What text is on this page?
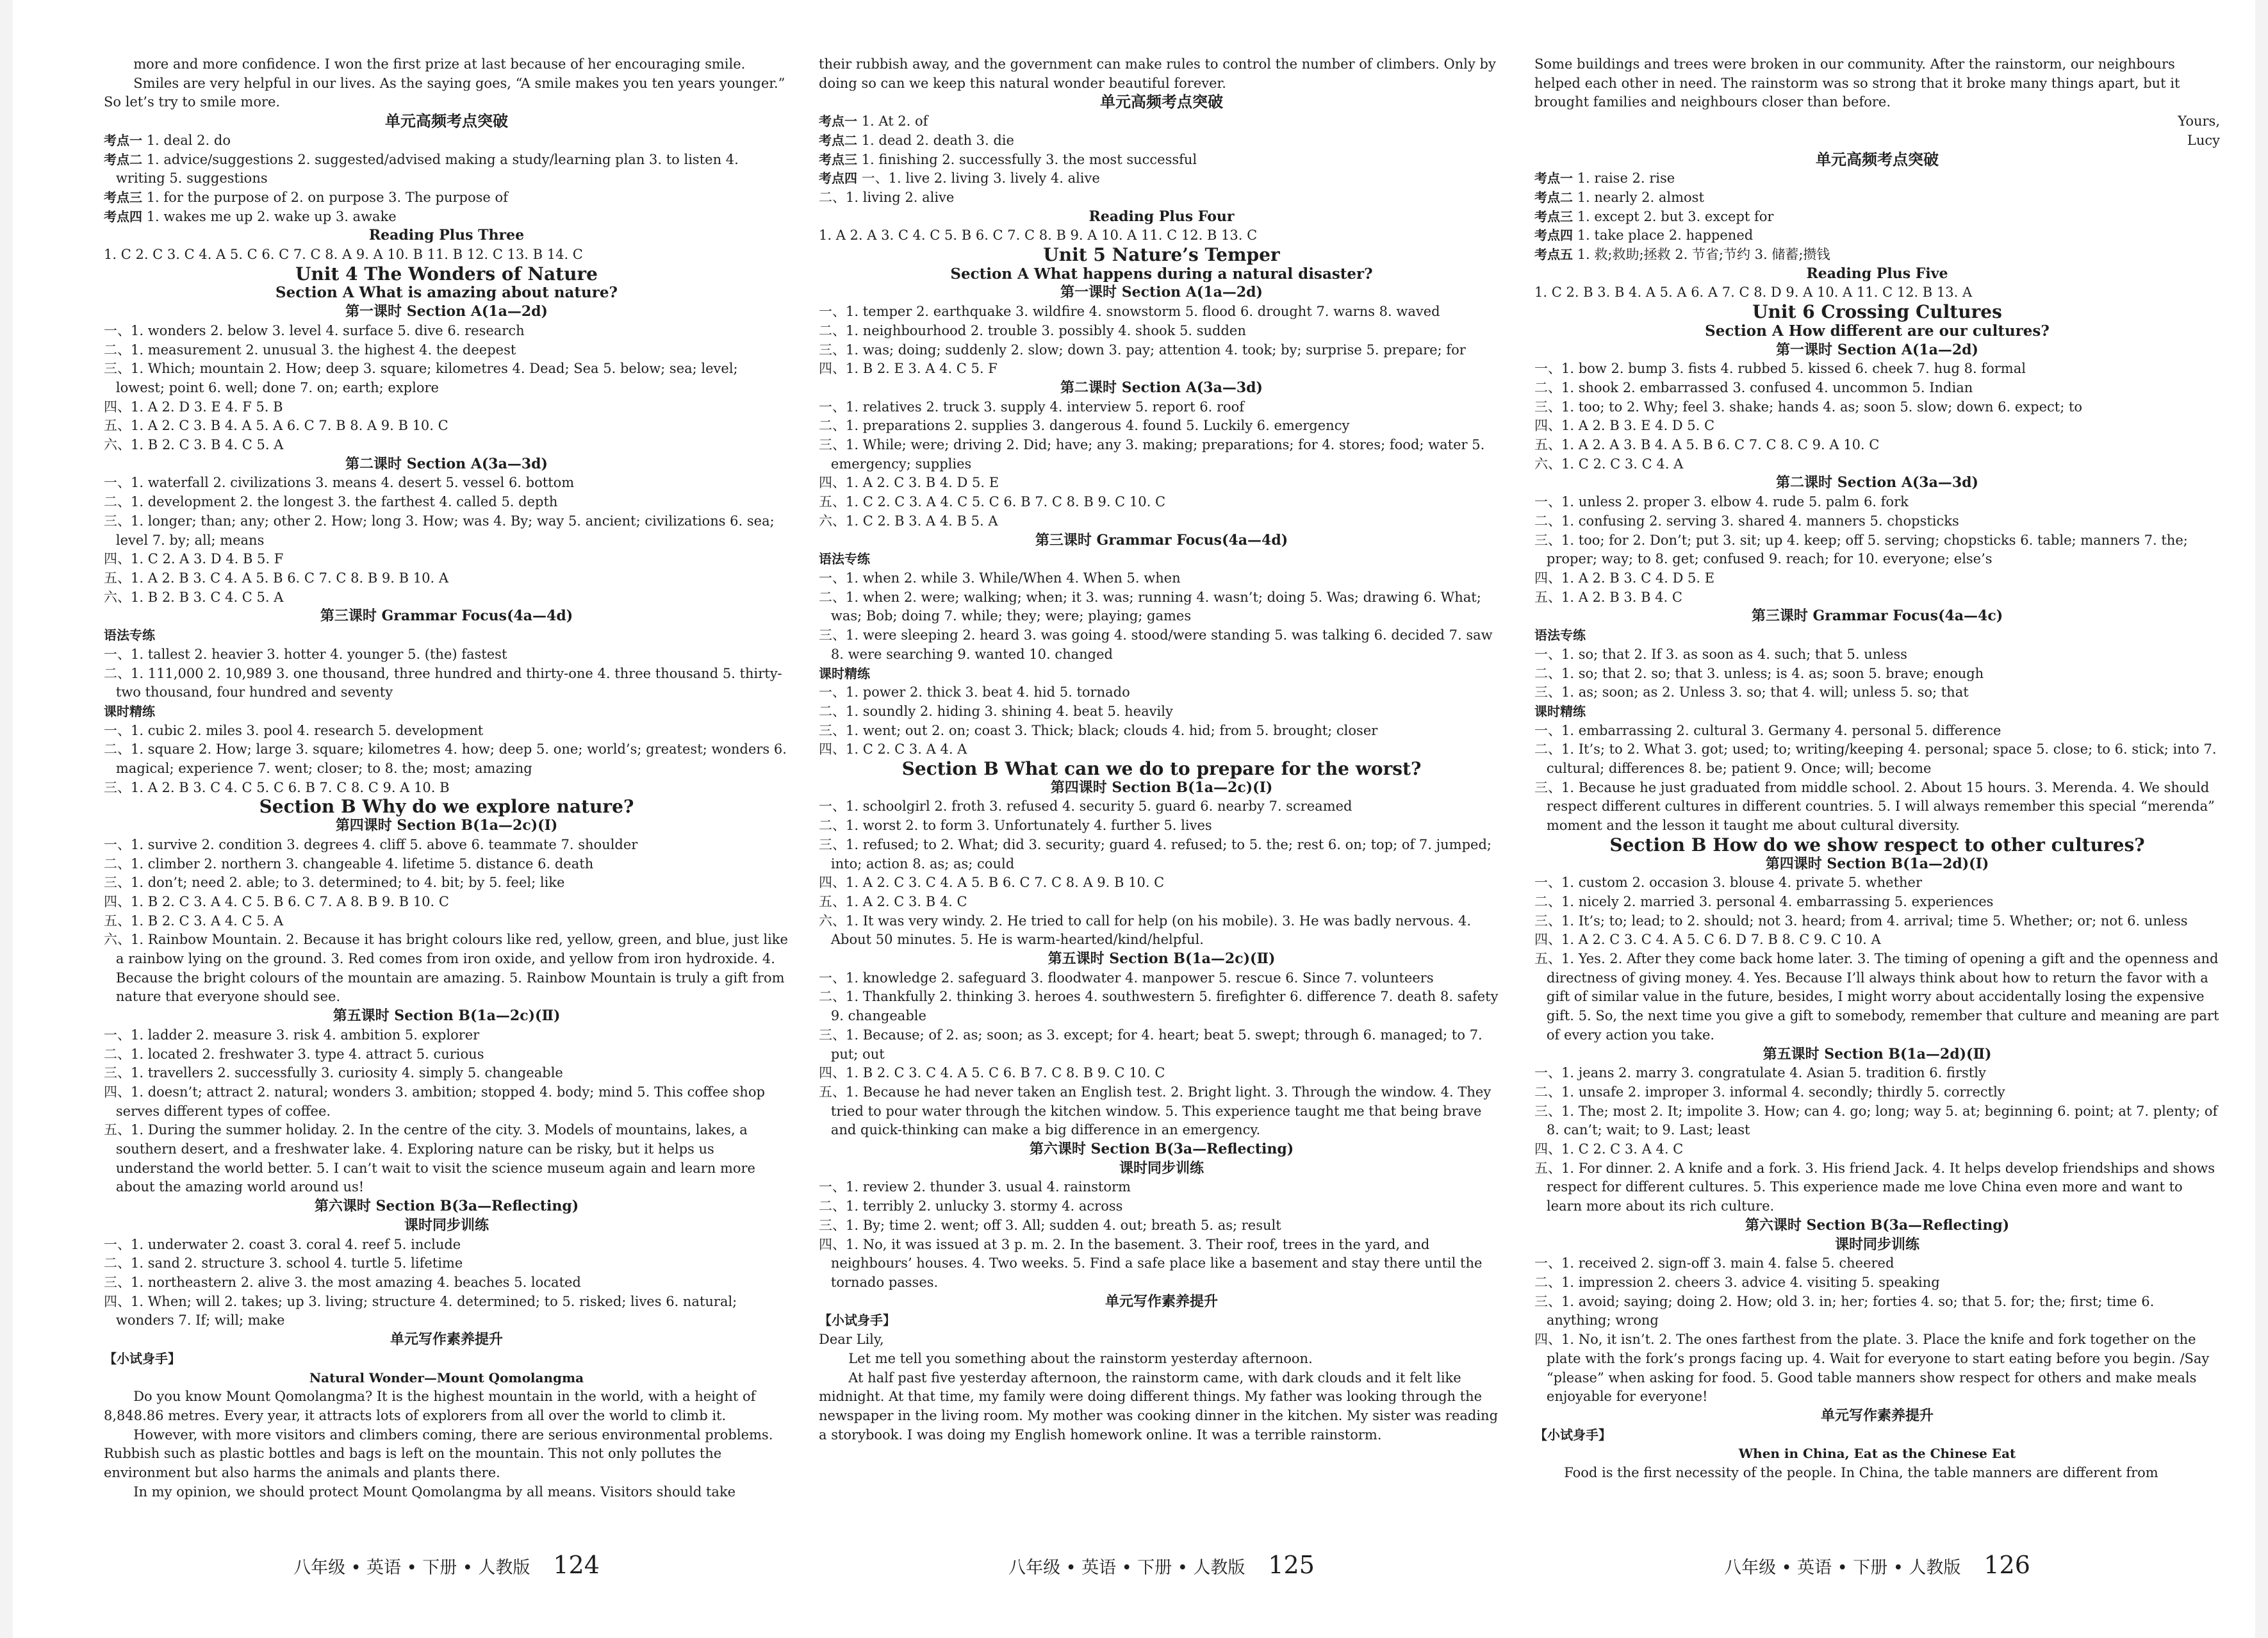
more and more confidence. I won the first prize at last because of her encouraging smile.

Smiles are very helpful in our lives. As the saying goes, “A smile makes you ten years younger.” So let’s try to smile more.

单元高频考点突破

考点一 1. deal 2. do

考点二 1. advice/suggestions 2. suggested/advised making a study/learning plan 3. to listen 4. writing 5. suggestions

考点三 1. for the purpose of 2. on purpose 3. The purpose of

考点四 1. wakes me up 2. wake up 3. awake

Reading Plus Three

1. C 2. C 3. C 4. A 5. C 6. C 7. C 8. A 9. A 10. B 11. B 12. C 13. B 14. C

Unit 4 The Wonders of Nature

Section A What is amazing about nature?

第一课时 Section A(1a—2d)

一、1. wonders 2. below 3. level 4. surface 5. dive 6. research

二、1. measurement 2. unusual 3. the highest 4. the deepest

三、1. Which; mountain 2. How; deep 3. square; kilometres 4. Dead; Sea 5. below; sea; level; lowest; point 6. well; done 7. on; earth; explore

四、1. A 2. D 3. E 4. F 5. B

五、1. A 2. C 3. B 4. A 5. A 6. C 7. B 8. A 9. B 10. C

六、1. B 2. C 3. B 4. C 5. A

第二课时 Section A(3a—3d)

一、1. waterfall 2. civilizations 3. means 4. desert 5. vessel 6. bottom

二、1. development 2. the longest 3. the farthest 4. called 5. depth

三、1. longer; than; any; other 2. How; long 3. How; was 4. By; way 5. ancient; civilizations 6. sea; level 7. by; all; means

四、1. C 2. A 3. D 4. B 5. F

五、1. A 2. B 3. C 4. A 5. B 6. C 7. C 8. B 9. B 10. A

六、1. B 2. B 3. C 4. C 5. A

第三课时 Grammar Focus(4a—4d)

语法专练

一、1. tallest 2. heavier 3. hotter 4. younger 5. (the) fastest

二、1. 111,000 2. 10,989 3. one thousand, three hundred and thirty-one 4. three thousand 5. thirty-two thousand, four hundred and seventy

课时精练

一、1. cubic 2. miles 3. pool 4. research 5. development

二、1. square 2. How; large 3. square; kilometres 4. how; deep 5. one; world’s; greatest; wonders 6. magical; experience 7. went; closer; to 8. the; most; amazing

三、1. A 2. B 3. C 4. C 5. C 6. B 7. C 8. C 9. A 10. B

Section B Why do we explore nature?

第四课时 Section B(1a—2c)(Ⅰ)

一、1. survive 2. condition 3. degrees 4. cliff 5. above 6. teammate 7. shoulder

二、1. climber 2. northern 3. changeable 4. lifetime 5. distance 6. death

三、1. don’t; need 2. able; to 3. determined; to 4. bit; by 5. feel; like

四、1. B 2. C 3. A 4. C 5. B 6. C 7. A 8. B 9. B 10. C

五、1. B 2. C 3. A 4. C 5. A

六、1. Rainbow Mountain. 2. Because it has bright colours like red, yellow, green, and blue, just like a rainbow lying on the ground. 3. Red comes from iron oxide, and yellow from iron hydroxide. 4. Because the bright colours of the mountain are amazing. 5. Rainbow Mountain is truly a gift from nature that everyone should see.

第五课时 Section B(1a—2c)(Ⅱ)

一、1. ladder 2. measure 3. risk 4. ambition 5. explorer

二、1. located 2. freshwater 3. type 4. attract 5. curious

三、1. travellers 2. successfully 3. curiosity 4. simply 5. changeable

四、1. doesn’t; attract 2. natural; wonders 3. ambition; stopped 4. body; mind 5. This coffee shop serves different types of coffee.

五、1. During the summer holiday. 2. In the centre of the city. 3. Models of mountains, lakes, a southern desert, and a freshwater lake. 4. Exploring nature can be risky, but it helps us understand the world better. 5. I can’t wait to visit the science museum again and learn more about the amazing world around us!

第六课时 Section B(3a—Reflecting)

课时同步训练

一、1. underwater 2. coast 3. coral 4. reef 5. include

二、1. sand 2. structure 3. school 4. turtle 5. lifetime

三、1. northeastern 2. alive 3. the most amazing 4. beaches 5. located

四、1. When; will 2. takes; up 3. living; structure 4. determined; to 5. risked; lives 6. natural; wonders 7. If; will; make

单元写作素养提升

【小试身手】

Natural Wonder—Mount Qomolangma

Do you know Mount Qomolangma? It is the highest mountain in the world, with a height of 8,848.86 metres. Every year, it attracts lots of explorers from all over the world to climb it.

However, with more visitors and climbers coming, there are serious environmental problems. Rubbish such as plastic bottles and bags is left on the mountain. This not only pollutes the environment but also harms the animals and plants there.

In my opinion, we should protect Mount Qomolangma by all means. Visitors should take

their rubbish away, and the government can make rules to control the number of climbers. Only by doing so can we keep this natural wonder beautiful forever.

单元高频考点突破

考点一 1. At 2. of

考点二 1. dead 2. death 3. die

考点三 1. finishing 2. successfully 3. the most successful

考点四 一、1. live 2. living 3. lively 4. alive

二、1. living 2. alive

Reading Plus Four

1. A 2. A 3. C 4. C 5. B 6. C 7. C 8. B 9. A 10. A 11. C 12. B 13. C

Unit 5 Nature’s Temper

Section A What happens during a natural disaster?

第一课时 Section A(1a—2d)

一、1. temper 2. earthquake 3. wildfire 4. snowstorm 5. flood 6. drought 7. warns 8. waved

二、1. neighbourhood 2. trouble 3. possibly 4. shook 5. sudden

三、1. was; doing; suddenly 2. slow; down 3. pay; attention 4. took; by; surprise 5. prepare; for

四、1. B 2. E 3. A 4. C 5. F

第二课时 Section A(3a—3d)

一、1. relatives 2. truck 3. supply 4. interview 5. report 6. roof

二、1. preparations 2. supplies 3. dangerous 4. found 5. Luckily 6. emergency

三、1. While; were; driving 2. Did; have; any 3. making; preparations; for 4. stores; food; water 5. emergency; supplies

四、1. A 2. C 3. B 4. D 5. E

五、1. C 2. C 3. A 4. C 5. C 6. B 7. C 8. B 9. C 10. C

六、1. C 2. B 3. A 4. B 5. A

第三课时 Grammar Focus(4a—4d)

语法专练

一、1. when 2. while 3. While/When 4. When 5. when

二、1. when 2. were; walking; when; it 3. was; running 4. wasn’t; doing 5. Was; drawing 6. What; was; Bob; doing 7. while; they; were; playing; games

三、1. were sleeping 2. heard 3. was going 4. stood/were standing 5. was talking 6. decided 7. saw 8. were searching 9. wanted 10. changed

课时精练

一、1. power 2. thick 3. beat 4. hid 5. tornado

二、1. soundly 2. hiding 3. shining 4. beat 5. heavily

三、1. went; out 2. on; coast 3. Thick; black; clouds 4. hid; from 5. brought; closer

四、1. C 2. C 3. A 4. A

Section B What can we do to prepare for the worst?

第四课时 Section B(1a—2c)(Ⅰ)

一、1. schoolgirl 2. froth 3. refused 4. security 5. guard 6. nearby 7. screamed

二、1. worst 2. to form 3. Unfortunately 4. further 5. lives

三、1. refused; to 2. What; did 3. security; guard 4. refused; to 5. the; rest 6. on; top; of 7. jumped; into; action 8. as; as; could

四、1. A 2. C 3. C 4. A 5. B 6. C 7. C 8. A 9. B 10. C

五、1. A 2. C 3. B 4. C

六、1. It was very windy. 2. He tried to call for help (on his mobile). 3. He was badly nervous. 4. About 50 minutes. 5. He is warm-hearted/kind/helpful.

第五课时 Section B(1a—2c)(Ⅱ)

一、1. knowledge 2. safeguard 3. floodwater 4. manpower 5. rescue 6. Since 7. volunteers

二、1. Thankfully 2. thinking 3. heroes 4. southwestern 5. firefighter 6. difference 7. death 8. safety 9. changeable

三、1. Because; of 2. as; soon; as 3. except; for 4. heart; beat 5. swept; through 6. managed; to 7. put; out

四、1. B 2. C 3. C 4. A 5. C 6. B 7. C 8. B 9. C 10. C

五、1. Because he had never taken an English test. 2. Bright light. 3. Through the window. 4. They tried to pour water through the kitchen window. 5. This experience taught me that being brave and quick-thinking can make a big difference in an emergency.

第六课时 Section B(3a—Reflecting)

课时同步训练

一、1. review 2. thunder 3. usual 4. rainstorm

二、1. terribly 2. unlucky 3. stormy 4. across

三、1. By; time 2. went; off 3. All; sudden 4. out; breath 5. as; result

四、1. No, it was issued at 3 p. m. 2. In the basement. 3. Their roof, trees in the yard, and neighbours’ houses. 4. Two weeks. 5. Find a safe place like a basement and stay there until the tornado passes.

单元写作素养提升

【小试身手】

Dear Lily,

Let me tell you something about the rainstorm yesterday afternoon.

At half past five yesterday afternoon, the rainstorm came, with dark clouds and it felt like midnight. At that time, my family were doing different things. My father was looking through the newspaper in the living room. My mother was cooking dinner in the kitchen. My sister was reading a storybook. I was doing my English homework online. It was a terrible rainstorm.

Some buildings and trees were broken in our community. After the rainstorm, our neighbours helped each other in need. The rainstorm was so strong that it broke many things apart, but it brought families and neighbours closer than before.

Yours,

Lucy

单元高频考点突破

考点一 1. raise 2. rise

考点二 1. nearly 2. almost

考点三 1. except 2. but 3. except for

考点四 1. take place 2. happened

考点五 1. 救;救助;拯救 2. 节省;节约 3. 储蓄;攒钱

Reading Plus Five

1. C 2. B 3. B 4. A 5. A 6. A 7. C 8. D 9. A 10. A 11. C 12. B 13. A

Unit 6 Crossing Cultures

Section A How different are our cultures?

第一课时 Section A(1a—2d)

一、1. bow 2. bump 3. fists 4. rubbed 5. kissed 6. cheek 7. hug 8. formal

二、1. shook 2. embarrassed 3. confused 4. uncommon 5. Indian

三、1. too; to 2. Why; feel 3. shake; hands 4. as; soon 5. slow; down 6. expect; to

四、1. A 2. B 3. E 4. D 5. C

五、1. A 2. A 3. B 4. A 5. B 6. C 7. C 8. C 9. A 10. C

六、1. C 2. C 3. C 4. A

第二课时 Section A(3a—3d)

一、1. unless 2. proper 3. elbow 4. rude 5. palm 6. fork

二、1. confusing 2. serving 3. shared 4. manners 5. chopsticks

三、1. too; for 2. Don’t; put 3. sit; up 4. keep; off 5. serving; chopsticks 6. table; manners 7. the; proper; way; to 8. get; confused 9. reach; for 10. everyone; else’s

四、1. A 2. B 3. C 4. D 5. E

五、1. A 2. B 3. B 4. C

第三课时 Grammar Focus(4a—4c)

语法专练

一、1. so; that 2. If 3. as soon as 4. such; that 5. unless

二、1. so; that 2. so; that 3. unless; is 4. as; soon 5. brave; enough

三、1. as; soon; as 2. Unless 3. so; that 4. will; unless 5. so; that

课时精练

一、1. embarrassing 2. cultural 3. Germany 4. personal 5. difference

二、1. It’s; to 2. What 3. got; used; to; writing/keeping 4. personal; space 5. close; to 6. stick; into 7. cultural; differences 8. be; patient 9. Once; will; become

三、1. Because he just graduated from middle school. 2. About 15 hours. 3. Merenda. 4. We should respect different cultures in different countries. 5. I will always remember this special “merenda” moment and the lesson it taught me about cultural diversity.

Section B How do we show respect to other cultures?

第四课时 Section B(1a—2d)(Ⅰ)

一、1. custom 2. occasion 3. blouse 4. private 5. whether

二、1. nicely 2. married 3. personal 4. embarrassing 5. experiences

三、1. It’s; to; lead; to 2. should; not 3. heard; from 4. arrival; time 5. Whether; or; not 6. unless

四、1. A 2. C 3. C 4. A 5. C 6. D 7. B 8. C 9. C 10. A

五、1. Yes. 2. After they come back home later. 3. The timing of opening a gift and the openness and directness of giving money. 4. Yes. Because I’ll always think about how to return the favor with a gift of similar value in the future, besides, I might worry about accidentally losing the expensive gift. 5. So, the next time you give a gift to somebody, remember that culture and meaning are part of every action you take.

第五课时 Section B(1a—2d)(Ⅱ)

一、1. jeans 2. marry 3. congratulate 4. Asian 5. tradition 6. firstly

二、1. unsafe 2. improper 3. informal 4. secondly; thirdly 5. correctly

三、1. The; most 2. It; impolite 3. How; can 4. go; long; way 5. at; beginning 6. point; at 7. plenty; of 8. can’t; wait; to 9. Last; least

四、1. C 2. C 3. A 4. C

五、1. For dinner. 2. A knife and a fork. 3. His friend Jack. 4. It helps develop friendships and shows respect for different cultures. 5. This experience made me love China even more and want to learn more about its rich culture.

第六课时 Section B(3a—Reflecting)

课时同步训练

一、1. received 2. sign-off 3. main 4. false 5. cheered

二、1. impression 2. cheers 3. advice 4. visiting 5. speaking

三、1. avoid; saying; doing 2. How; old 3. in; her; forties 4. so; that 5. for; the; first; time 6. anything; wrong

四、1. No, it isn’t. 2. The ones farthest from the plate. 3. Place the knife and fork together on the plate with the fork’s prongs facing up. 4. Wait for everyone to start eating before you begin. /Say “please” when asking for food. 5. Good table manners show respect for others and make meals enjoyable for everyone!

单元写作素养提升

【小试身手】

When in China, Eat as the Chinese Eat

Food is the first necessity of the people. In China, the table manners are different from

八年级 • 英语 • 下册 • 人教版 124	八年级 • 英语 • 下册 • 人教版 125	八年级 • 英语 • 下册 • 人教版 126
